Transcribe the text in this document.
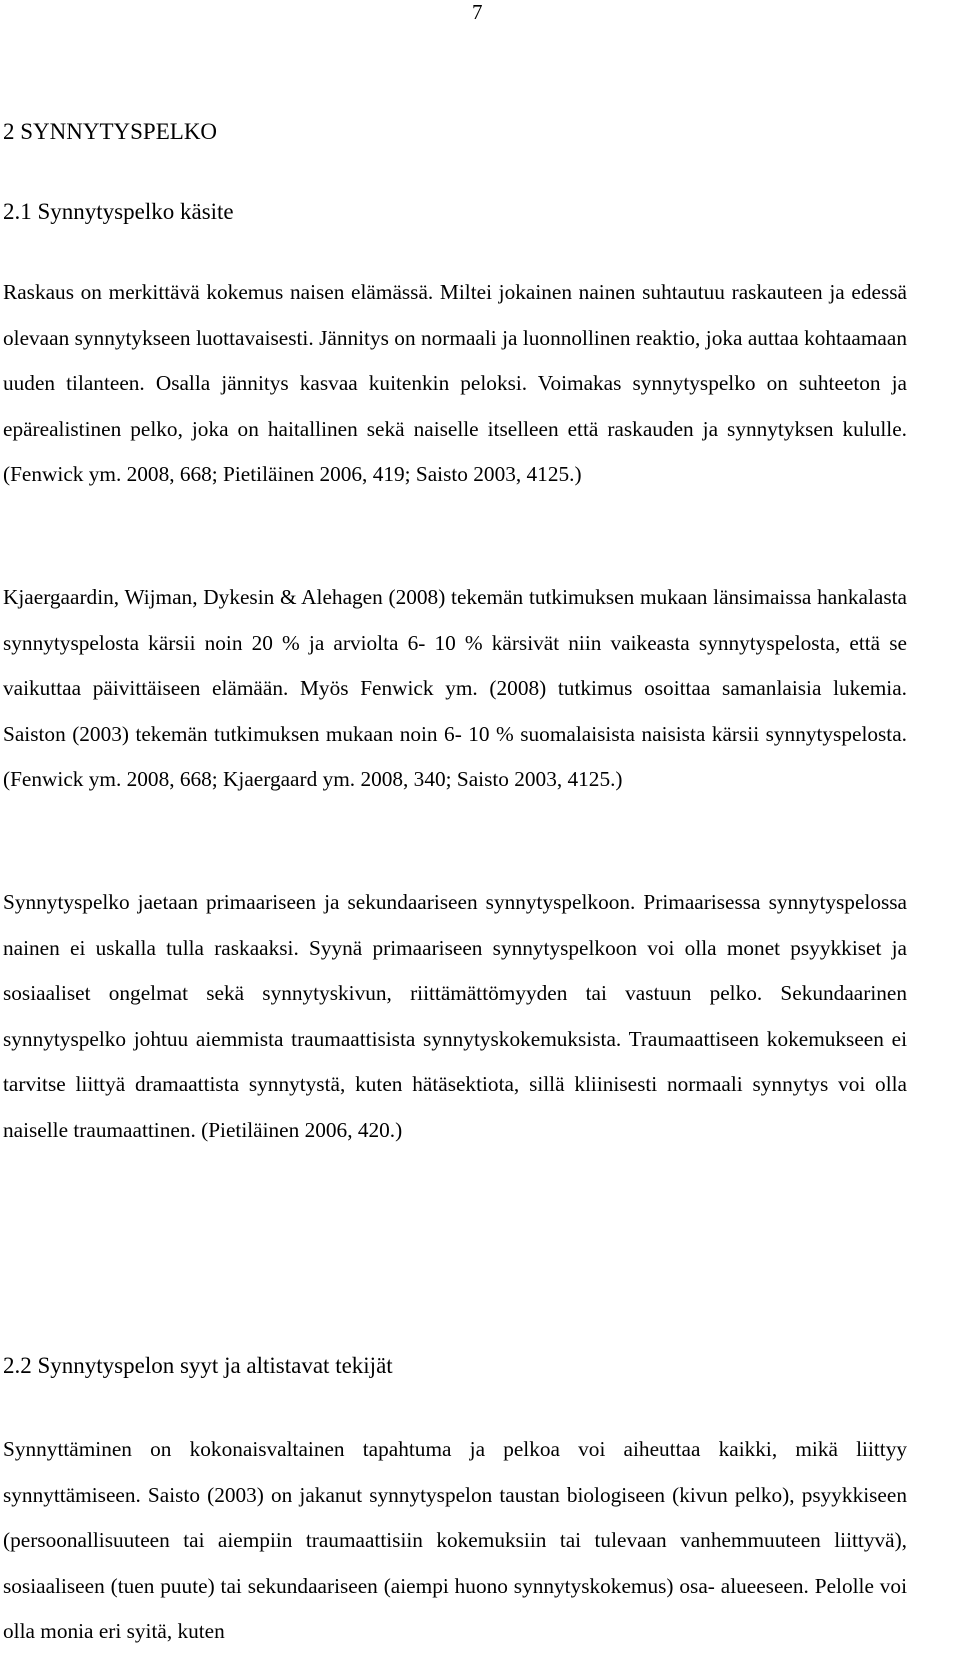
7
2 SYNNYTYSPELKO
2.1 Synnytyspelko käsite

Raskaus on merkittävä kokemus naisen elämässä. Miltei jokainen nainen suhtautuu raskauteen ja edessä olevaan synnytykseen luottavaisesti. Jännitys on normaali ja luonnollinen reaktio, joka auttaa kohtaamaan uuden tilanteen. Osalla jännitys kasvaa kuitenkin peloksi. Voimakas synnytyspelko on suhteeton ja epärealistinen pelko, joka on haitallinen sekä naiselle itselleen että raskauden ja synnytyksen kululle. (Fenwick ym. 2008, 668; Pietiläinen 2006, 419; Saisto 2003, 4125.)

Kjaergaardin, Wijman, Dykesin & Alehagen (2008) tekemän tutkimuksen mukaan länsimaissa hankalasta synnytyspelosta kärsii noin 20 % ja arviolta 6- 10 % kärsivät niin vaikeasta synnytyspelosta, että se vaikuttaa päivittäiseen elämään. Myös Fenwick ym. (2008) tutkimus osoittaa samanlaisia lukemia. Saiston (2003) tekemän tutkimuksen mukaan noin 6- 10 % suomalaisista naisista kärsii synnytyspelosta. (Fenwick ym. 2008, 668; Kjaergaard ym. 2008, 340; Saisto 2003, 4125.)

Synnytyspelko jaetaan primaariseen ja sekundaariseen synnytyspelkoon. Primaarisessa synnytyspelossa nainen ei uskalla tulla raskaaksi. Syynä primaariseen synnytyspelkoon voi olla monet psyykkiset ja sosiaaliset ongelmat sekä synnytyskivun, riittämättömyyden tai vastuun pelko. Sekundaarinen synnytyspelko johtuu aiemmista traumaattisista synnytyskokemuksista. Traumaattiseen kokemukseen ei tarvitse liittyä dramaattista synnytystä, kuten hätäsektiota, sillä kliinisesti normaali synnytys voi olla naiselle traumaattinen. (Pietiläinen 2006, 420.)

2.2 Synnytyspelon syyt ja altistavat tekijät

Synnyttäminen on kokonaisvaltainen tapahtuma ja pelkoa voi aiheuttaa kaikki, mikä liittyy synnyttämiseen. Saisto (2003) on jakanut synnytyspelon taustan biologiseen (kivun pelko), psyykkiseen (persoonallisuuteen tai aiempiin traumaattisiin kokemuksiin tai tulevaan vanhemmuuteen liittyvä), sosiaaliseen (tuen puute) tai sekundaariseen (aiempi huono synnytyskokemus) osa- alueeseen. Pelolle voi olla monia eri syitä, kuten
